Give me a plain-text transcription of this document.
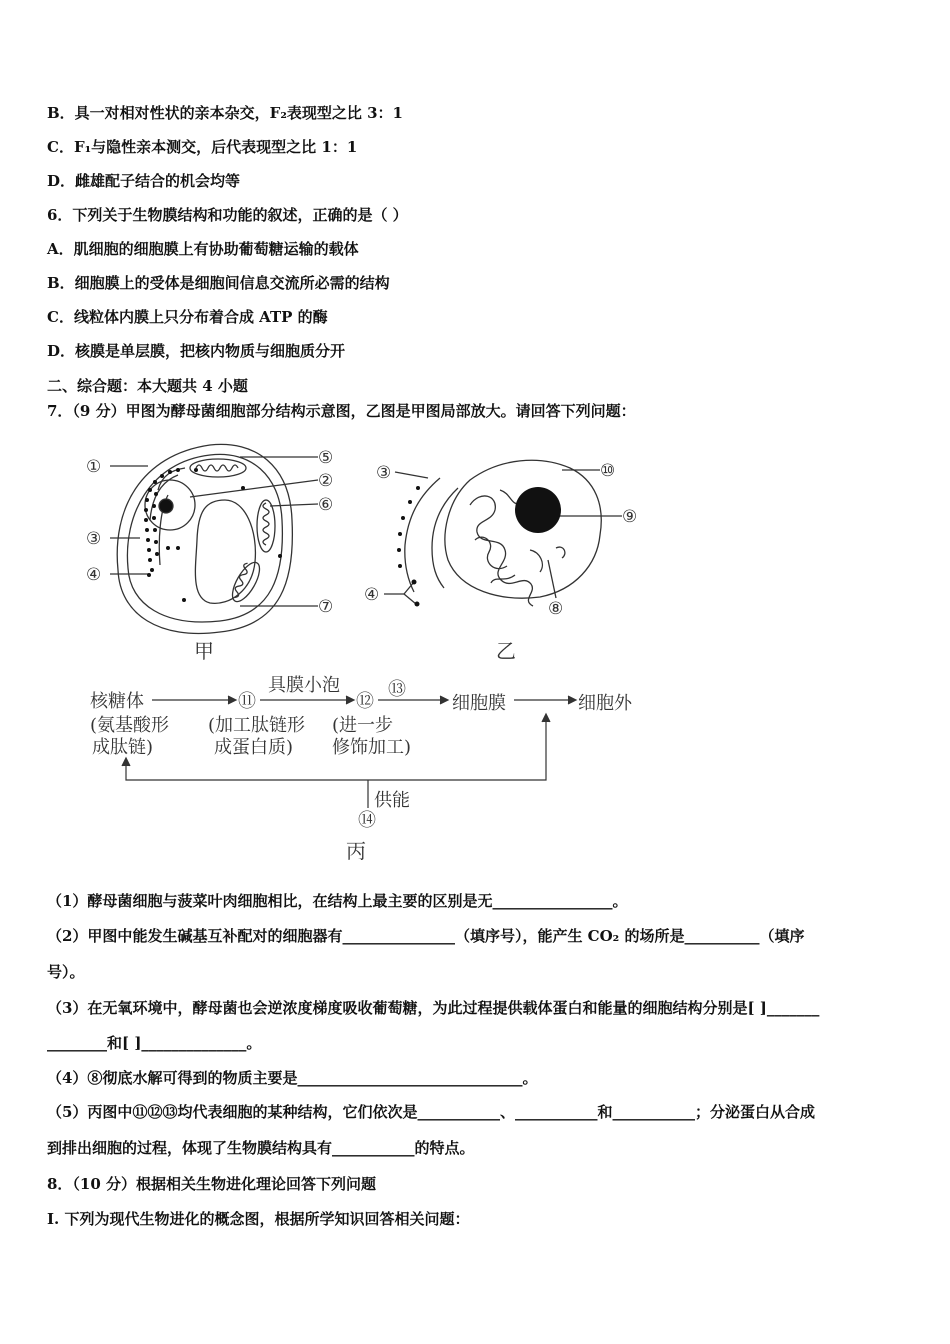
B．具一对相对性状的亲本杂交，F₂表现型之比 3：1
C．F₁与隐性亲本测交，后代表现型之比 1：1
D．雌雄配子结合的机会均等
6．下列关于生物膜结构和功能的叙述，正确的是（ ）
A．肌细胞的细胞膜上有协助葡萄糖运输的载体
B．细胞膜上的受体是细胞间信息交流所必需的结构
C．线粒体内膜上只分布着合成 ATP 的酶
D．核膜是单层膜，把核内物质与细胞质分开
二、综合题：本大题共 4 小题
7．（9 分）甲图为酵母菌细胞部分结构示意图，乙图是甲图局部放大。请回答下列问题：
①
③
④
⑤
②
⑥
⑦
甲
③	⑩
⑨
④
⑧
乙
核糖体
(氨基酸形
成肽链)
⑪
(加工肽链形
成蛋白质)
具膜小泡
⑫
(进一步
修饰加工)
⑬
细胞膜	细胞外
供能
⑭
丙
（1）酵母菌细胞与菠菜叶肉细胞相比，在结构上最主要的区别是无________________。
（2）甲图中能发生碱基互补配对的细胞器有_______________（填序号），能产生 CO₂ 的场所是__________（填序
号）。
（3）在无氧环境中，酵母菌也会逆浓度梯度吸收葡萄糖，为此过程提供载体蛋白和能量的细胞结构分别是[ ]_______
________和[ ]______________。
（4）⑧彻底水解可得到的物质主要是______________________________。
（5）丙图中⑪⑫⑬均代表细胞的某种结构，它们依次是___________、___________和___________；分泌蛋白从合成
到排出细胞的过程，体现了生物膜结构具有___________的特点。
8．（10 分）根据相关生物进化理论回答下列问题
I. 下列为现代生物进化的概念图，根据所学知识回答相关问题：
